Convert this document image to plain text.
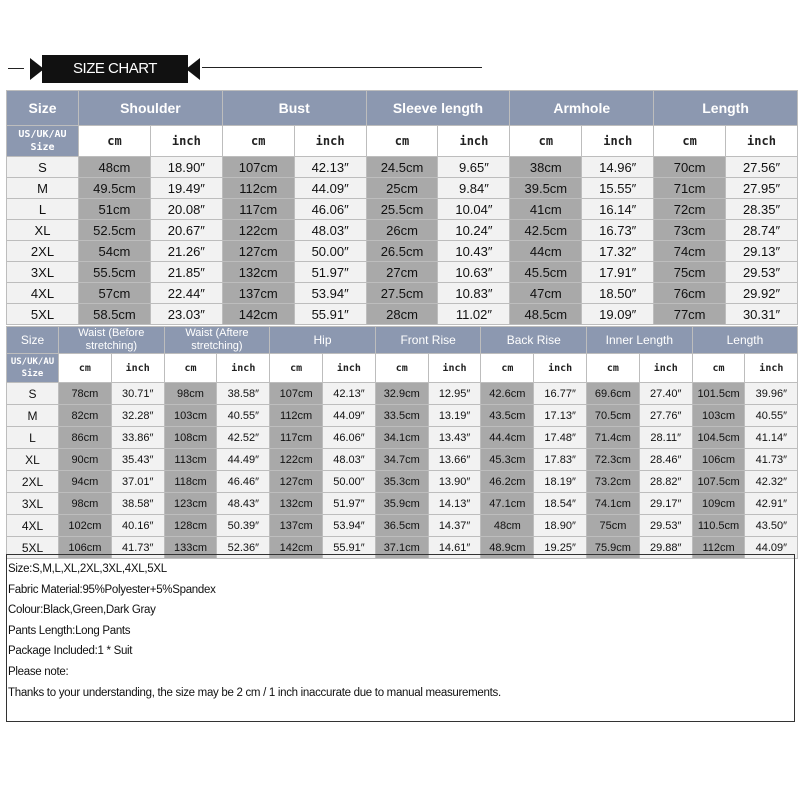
SIZE CHART
Size	Shoulder		Bust		Sleeve length		Armhole		Length	
US/UK/AU Size	cm	inch	cm	inch	cm	inch	cm	inch	cm	inch
S	48cm	18.90″	107cm	42.13″	24.5cm	9.65″	38cm	14.96″	70cm	27.56″
M	49.5cm	19.49″	112cm	44.09″	25cm	9.84″	39.5cm	15.55″	71cm	27.95″
L	51cm	20.08″	117cm	46.06″	25.5cm	10.04″	41cm	16.14″	72cm	28.35″
XL	52.5cm	20.67″	122cm	48.03″	26cm	10.24″	42.5cm	16.73″	73cm	28.74″
2XL	54cm	21.26″	127cm	50.00″	26.5cm	10.43″	44cm	17.32″	74cm	29.13″
3XL	55.5cm	21.85″	132cm	51.97″	27cm	10.63″	45.5cm	17.91″	75cm	29.53″
4XL	57cm	22.44″	137cm	53.94″	27.5cm	10.83″	47cm	18.50″	76cm	29.92″
5XL	58.5cm	23.03″	142cm	55.91″	28cm	11.02″	48.5cm	19.09″	77cm	30.31″
Size	Waist (Before stretching)		Waist (Aftere stretching)		Hip		Front Rise		Back Rise		Inner Length		Length	
US/UK/AU Size	cm	inch	cm	inch	cm	inch	cm	inch	cm	inch	cm	inch	cm	inch
S	78cm	30.71″	98cm	38.58″	107cm	42.13″	32.9cm	12.95″	42.6cm	16.77″	69.6cm	27.40″	101.5cm	39.96″
M	82cm	32.28″	103cm	40.55″	112cm	44.09″	33.5cm	13.19″	43.5cm	17.13″	70.5cm	27.76″	103cm	40.55″
L	86cm	33.86″	108cm	42.52″	117cm	46.06″	34.1cm	13.43″	44.4cm	17.48″	71.4cm	28.11″	104.5cm	41.14″
XL	90cm	35.43″	113cm	44.49″	122cm	48.03″	34.7cm	13.66″	45.3cm	17.83″	72.3cm	28.46″	106cm	41.73″
2XL	94cm	37.01″	118cm	46.46″	127cm	50.00″	35.3cm	13.90″	46.2cm	18.19″	73.2cm	28.82″	107.5cm	42.32″
3XL	98cm	38.58″	123cm	48.43″	132cm	51.97″	35.9cm	14.13″	47.1cm	18.54″	74.1cm	29.17″	109cm	42.91″
4XL	102cm	40.16″	128cm	50.39″	137cm	53.94″	36.5cm	14.37″	48cm	18.90″	75cm	29.53″	110.5cm	43.50″
5XL	106cm	41.73″	133cm	52.36″	142cm	55.91″	37.1cm	14.61″	48.9cm	19.25″	75.9cm	29.88″	112cm	44.09″
Size:S,M,L,XL,2XL,3XL,4XL,5XL
Fabric Material:95%Polyester+5%Spandex
Colour:Black,Green,Dark Gray
Pants Length:Long Pants
Package Included:1 * Suit
Please note:
Thanks to your understanding, the size may be 2 cm / 1 inch inaccurate due to manual measurements.
